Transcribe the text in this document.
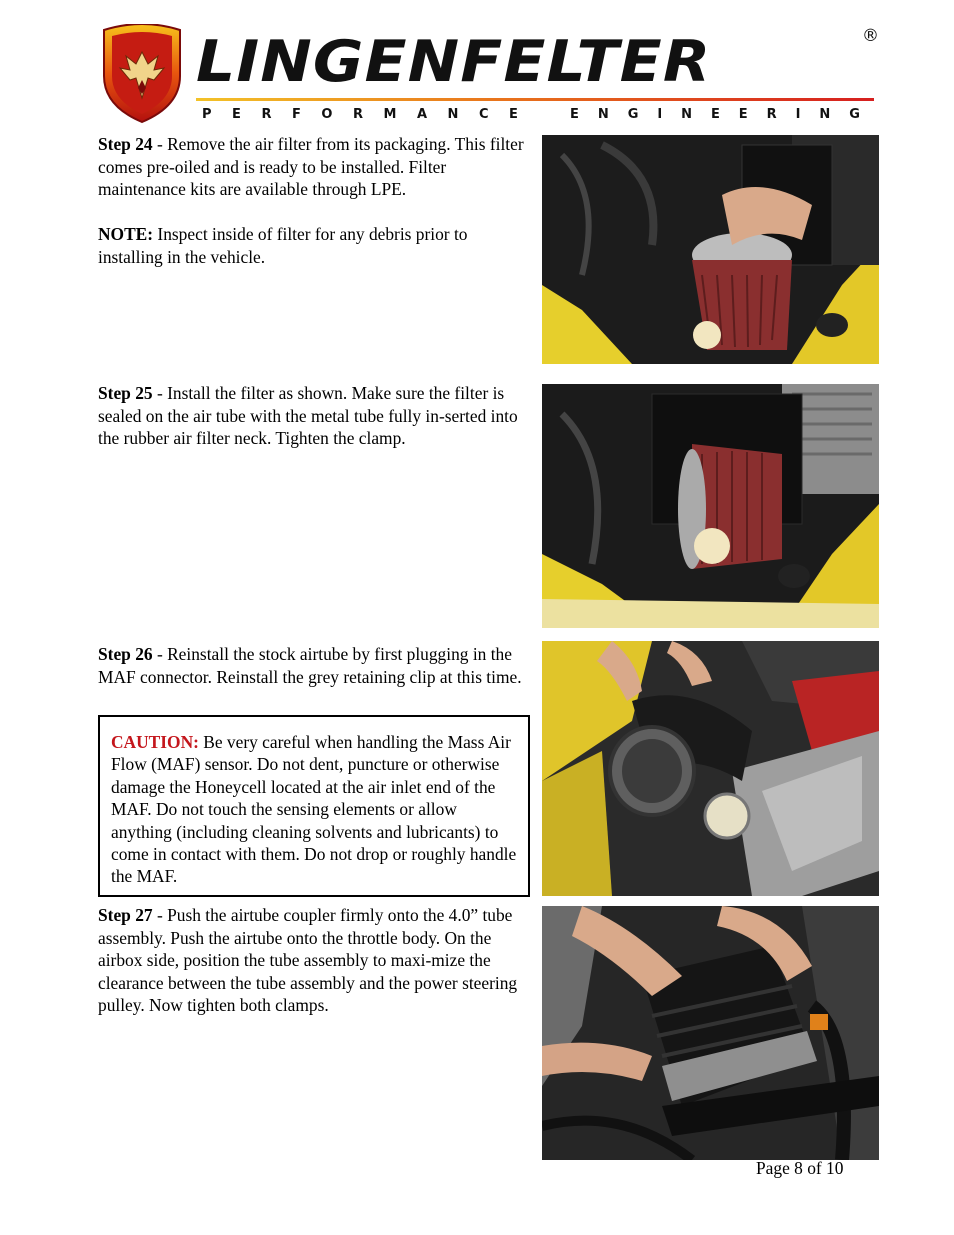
LINGENFELTER	®
P E R F O R M A N C E	E N G I N E E R I N G

Step 24 - Remove the air filter from its packaging. This filter comes pre-oiled and is ready to be installed. Filter maintenance kits are available through LPE.

NOTE: Inspect inside of filter for any debris prior to installing in the vehicle.

Step 25 - Install the filter as shown. Make sure the filter is sealed on the air tube with the metal tube fully in-serted into the rubber air filter neck. Tighten the clamp.

Step 26 - Reinstall the stock airtube by first plugging in the MAF connector. Reinstall the grey retaining clip at this time.

CAUTION: Be very careful when handling the Mass Air Flow (MAF) sensor. Do not dent, puncture or otherwise damage the Honeycell located at the air inlet end of the MAF. Do not touch the sensing elements or allow anything (including cleaning solvents and lubricants) to come in contact with them. Do not drop or roughly handle the MAF.

Step 27 - Push the airtube coupler firmly onto the 4.0” tube assembly. Push the airtube onto the throttle body. On the airbox side, position the tube assembly to maxi-mize the clearance between the tube assembly and the power steering pulley. Now tighten both clamps.

Page 8 of 10
